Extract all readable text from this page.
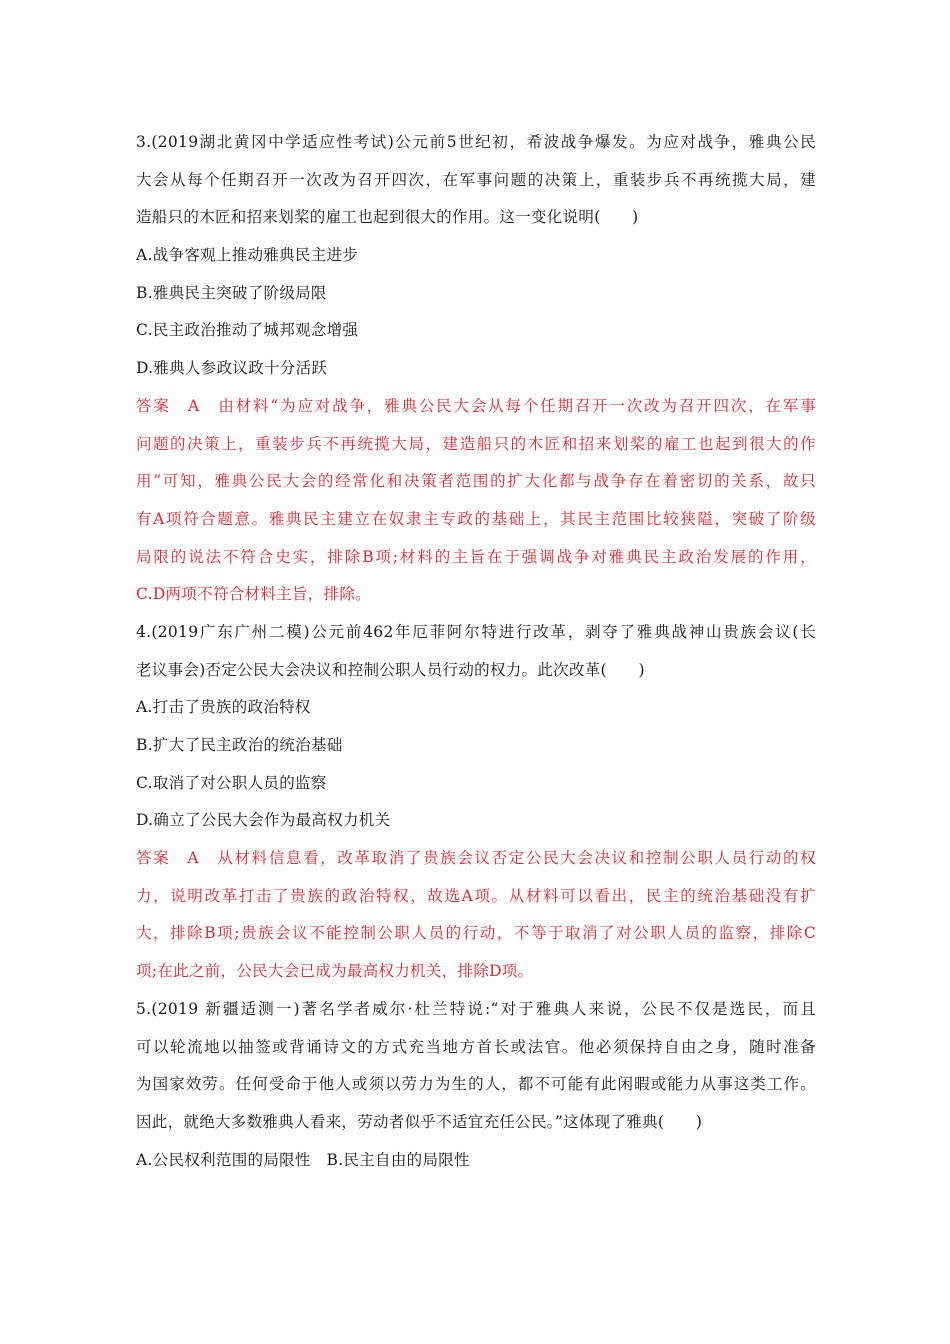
3.(2019湖北黄冈中学适应性考试)公元前5世纪初，希波战争爆发。为应对战争，雅典公民
大会从每个任期召开一次改为召开四次，在军事问题的决策上，重装步兵不再统揽大局，建
造船只的木匠和招来划桨的雇工也起到很大的作用。这一变化说明(　　)
A.战争客观上推动雅典民主进步
B.雅典民主突破了阶级局限
C.民主政治推动了城邦观念增强
D.雅典人参政议政十分活跃
答案　A　由材料“为应对战争，雅典公民大会从每个任期召开一次改为召开四次，在军事
问题的决策上，重装步兵不再统揽大局，建造船只的木匠和招来划桨的雇工也起到很大的作
用”可知，雅典公民大会的经常化和决策者范围的扩大化都与战争存在着密切的关系，故只
有A项符合题意。雅典民主建立在奴隶主专政的基础上，其民主范围比较狭隘，突破了阶级
局限的说法不符合史实，排除B项;材料的主旨在于强调战争对雅典民主政治发展的作用，
C.D两项不符合材料主旨，排除。
4.(2019广东广州二模)公元前462年厄菲阿尔特进行改革，剥夺了雅典战神山贵族会议(长
老议事会)否定公民大会决议和控制公职人员行动的权力。此次改革(　　)
A.打击了贵族的政治特权
B.扩大了民主政治的统治基础
C.取消了对公职人员的监察
D.确立了公民大会作为最高权力机关
答案　A　从材料信息看，改革取消了贵族会议否定公民大会决议和控制公职人员行动的权
力，说明改革打击了贵族的政治特权，故选A项。从材料可以看出，民主的统治基础没有扩
大，排除B项;贵族会议不能控制公职人员的行动，不等于取消了对公职人员的监察，排除C
项;在此之前，公民大会已成为最高权力机关，排除D项。
5.(2019 新疆适测一)著名学者威尔·杜兰特说:“对于雅典人来说，公民不仅是选民，而且
可以轮流地以抽签或背诵诗文的方式充当地方首长或法官。他必须保持自由之身，随时准备
为国家效劳。任何受命于他人或须以劳力为生的人，都不可能有此闲暇或能力从事这类工作。
因此，就绝大多数雅典人看来，劳动者似乎不适宜充任公民。”这体现了雅典(　　)
A.公民权利范围的局限性　B.民主自由的局限性
